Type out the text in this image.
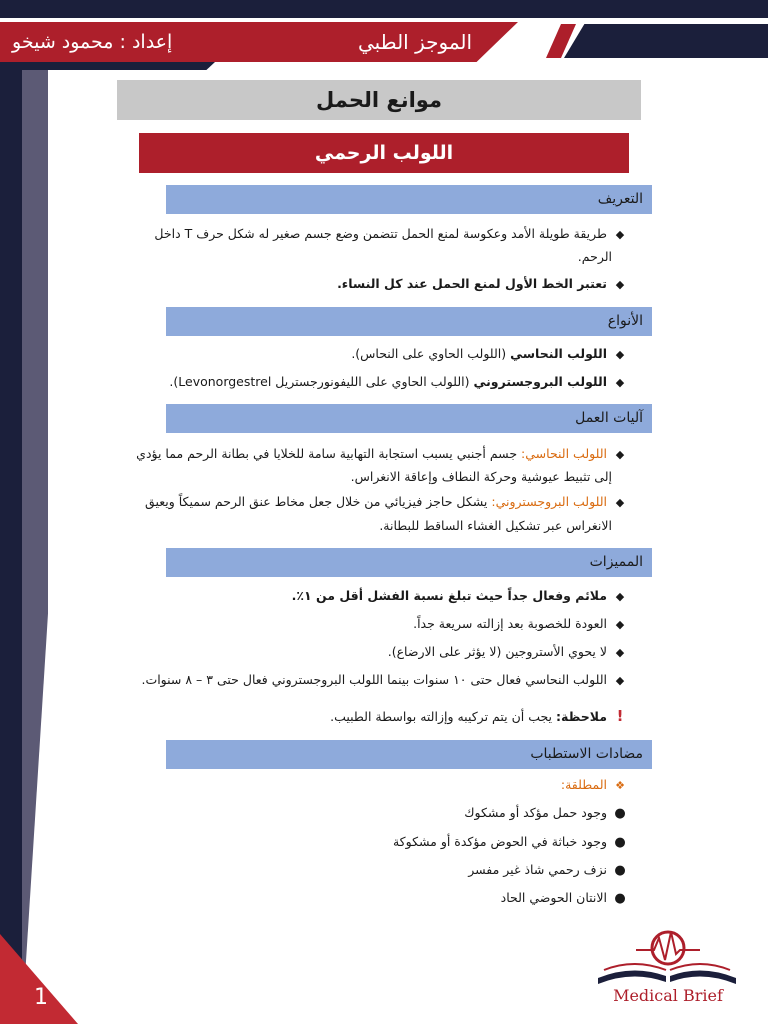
إعداد : محمود شيخو	الموجز الطبي
1
موانع الحمل
اللولب الرحمي
التعريف
◆طريقة طويلة الأمد وعكوسة لمنع الحمل تتضمن وضع جسم صغير له شكل حرف T داخل
الرحم.
◆تعتبر الخط الأول لمنع الحمل عند كل النساء.
الأنواع
◆اللولب النحاسي (اللولب الحاوي على النحاس).
◆اللولب البروجستروني (اللولب الحاوي على الليفونورجستريل Levonorgestrel).
آليات العمل
◆اللولب النحاسي: جسم أجنبي يسبب استجابة التهابية سامة للخلايا في بطانة الرحم مما يؤدي
إلى تثبيط عيوشية وحركة النطاف وإعاقة الانغراس.
◆اللولب البروجستروني: يشكل حاجز فيزيائي من خلال جعل مخاط عنق الرحم سميكاً ويعيق
الانغراس عبر تشكيل الغشاء الساقط للبطانة.
المميزات
◆ملائم وفعال جداً حيث تبلغ نسبة الفشل أقل من ١٪.
◆العودة للخصوبة بعد إزالته سريعة جداً.
◆لا يحوي الأستروجين (لا يؤثر على الارضاع).
◆اللولب النحاسي فعال حتى ١٠ سنوات بينما اللولب البروجستروني فعال حتى ٣ – ٨ سنوات.
!ملاحظة: يجب أن يتم تركيبه وإزالته بواسطة الطبيب.
مضادات الاستطباب
❖المطلقة:
●وجود حمل مؤكد أو مشكوك
●وجود خباثة في الحوض مؤكدة أو مشكوكة
●نزف رحمي شاذ غير مفسر
●الانتان الحوضي الحاد
Medical Brief
